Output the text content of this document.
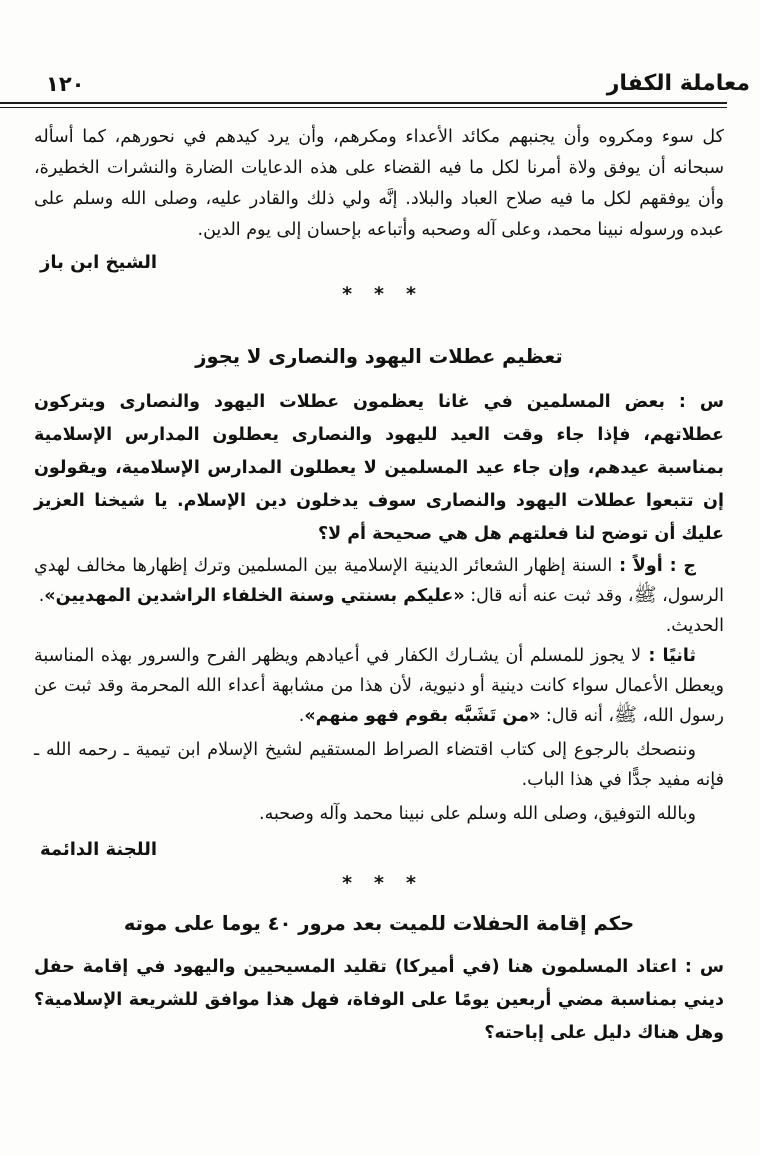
معاملة الكفار
١٢٠

كل سوء ومكروه وأن يجنبهم مكائد الأعداء ومكرهم، وأن يرد كيدهم في نحورهم، كما أسأله سبحانه أن يوفق ولاة أمرنا لكل ما فيه القضاء على هذه الدعايات الضارة والنشرات الخطيرة، وأن يوفقهم لكل ما فيه صلاح العباد والبلاد. إنَّه ولي ذلك والقادر عليه، وصلى الله وسلم على عبده ورسوله نبينا محمد، وعلى آله وصحبه وأتباعه بإحسان إلى يوم الدين.

الشيخ ابن باز
***
تعظيم عطلات اليهود والنصارى لا يجوز

س : بعض المسلمين في غانا يعظمون عطلات اليهود والنصارى ويتركون عطلاتهم، فإذا جاء وقت العيد لليهود والنصارى يعطلون المدارس الإسلامية بمناسبة عيدهم، وإن جاء عيد المسلمين لا يعطلون المدارس الإسلامية، ويقولون إن تتبعوا عطلات اليهود والنصارى سوف يدخلون دين الإسلام. يا شيخنا العزيز عليك أن توضح لنا فعلتهم هل هي صحيحة أم لا؟

ج : أولاً : السنة إظهار الشعائر الدينية الإسلامية بين المسلمين وترك إظهارها مخالف لهدي الرسول، ﷺ، وقد ثبت عنه أنه قال: «عليكم بسنتي وسنة الخلفاء الراشدين المهديين».
الحديث.

ثانيًا : لا يجوز للمسلم أن يشـارك الكفار في أعيادهم ويظهر الفرح والسرور بهذه المناسبة ويعطل الأعمال سواء كانت دينية أو دنيوية، لأن هذا من مشابهة أعداء الله المحرمة وقد ثبت عن رسول الله، ﷺ، أنه قال: «من تَشَبَّه بقوم فهو منهم».

وننصحك بالرجوع إلى كتاب اقتضاء الصراط المستقيم لشيخ الإسلام ابن تيمية ـ رحمه الله ـ فإنه مفيد جدًّا في هذا الباب.

وبالله التوفيق، وصلى الله وسلم على نبينا محمد وآله وصحبه.

اللجنة الدائمة
***
حكم إقامة الحفلات للميت بعد مرور ٤٠ يوما على موته

س : اعتاد المسلمون هنا (في أميركا) تقليد المسيحيين واليهود في إقامة حفل ديني بمناسبة مضي أربعين يومًا على الوفاة، فهل هذا موافق للشريعة الإسلامية؟ وهل هناك دليل على إباحته؟
